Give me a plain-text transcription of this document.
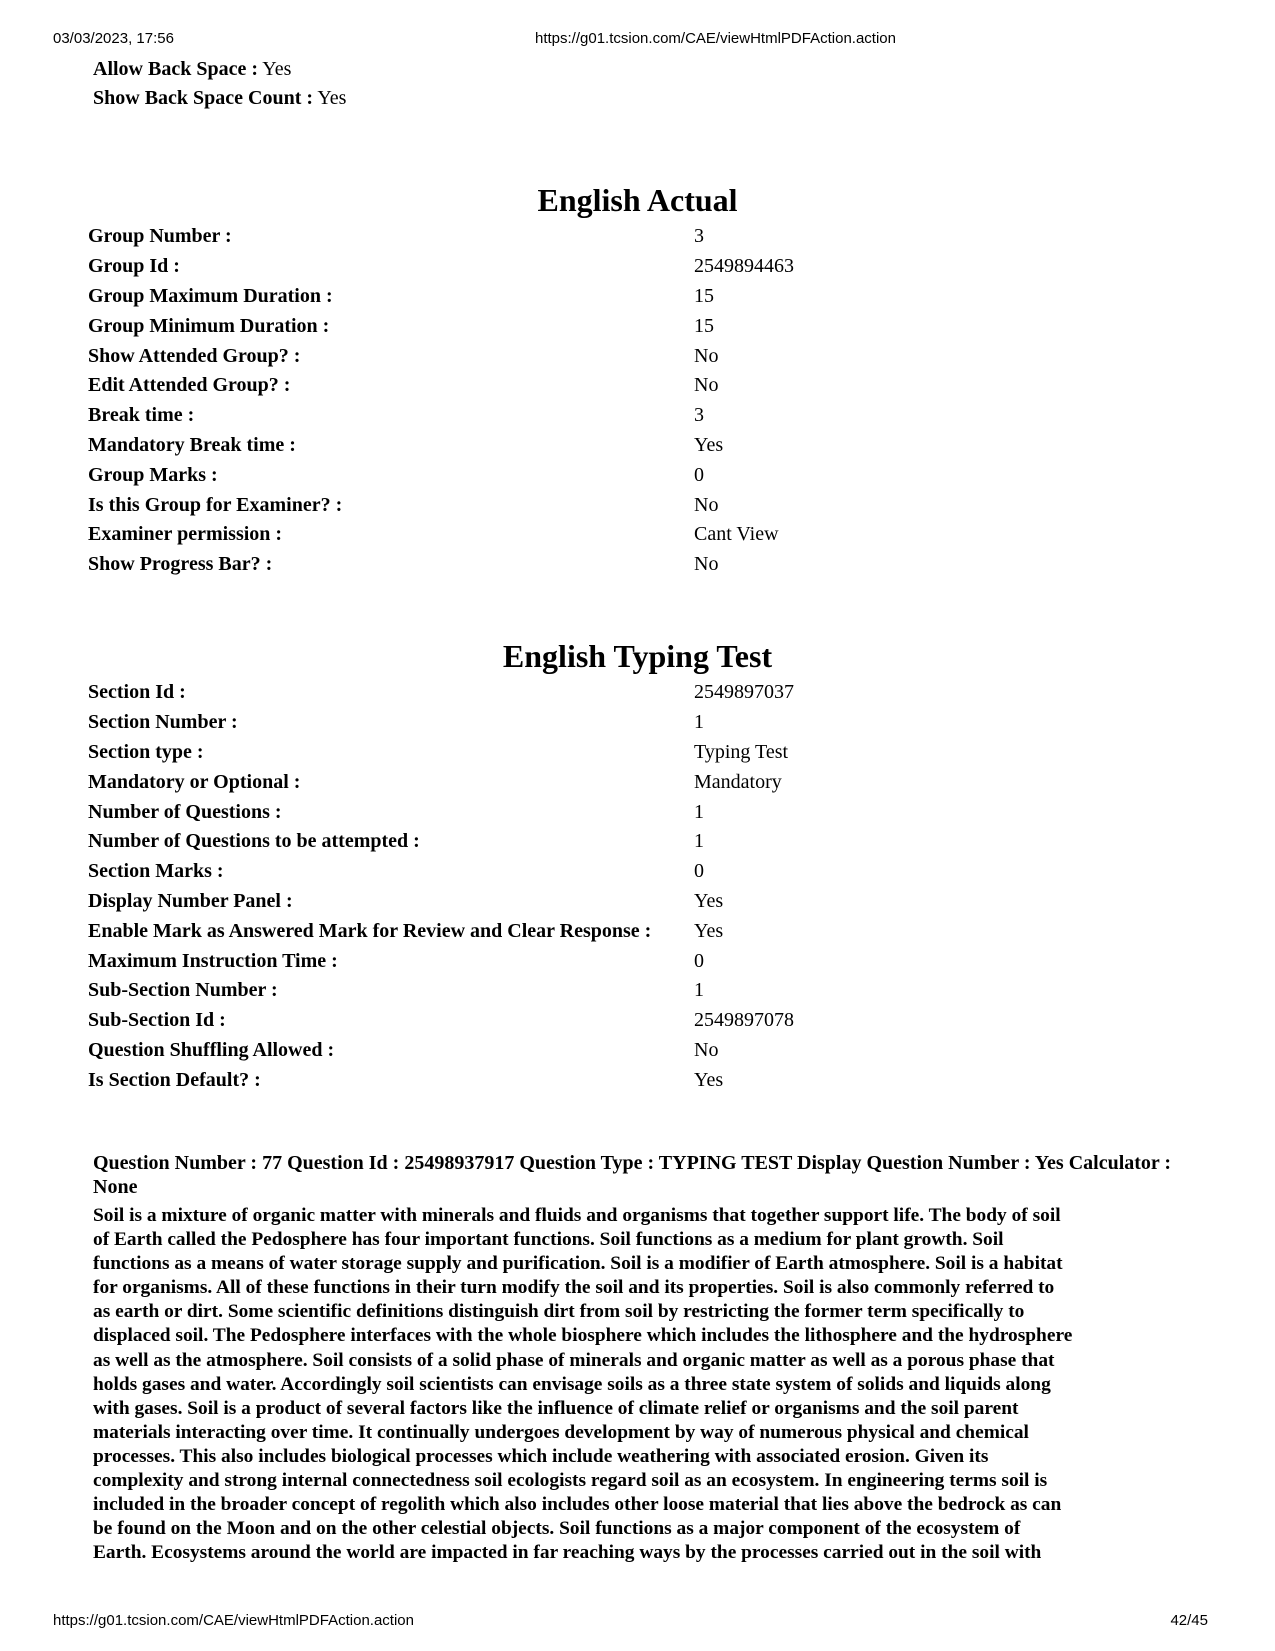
03/03/2023, 17:56	https://g01.tcsion.com/CAE/viewHtmlPDFAction.action
Allow Back Space : Yes
Show Back Space Count : Yes
English Actual
Group Number :	3
Group Id :	2549894463
Group Maximum Duration :	15
Group Minimum Duration :	15
Show Attended Group? :	No
Edit Attended Group? :	No
Break time :	3
Mandatory Break time :	Yes
Group Marks :	0
Is this Group for Examiner? :	No
Examiner permission :	Cant View
Show Progress Bar? :	No
English Typing Test
Section Id :	2549897037
Section Number :	1
Section type :	Typing Test
Mandatory or Optional :	Mandatory
Number of Questions :	1
Number of Questions to be attempted :	1
Section Marks :	0
Display Number Panel :	Yes
Enable Mark as Answered Mark for Review and Clear Response :	Yes
Maximum Instruction Time :	0
Sub-Section Number :	1
Sub-Section Id :	2549897078
Question Shuffling Allowed :	No
Is Section Default? :	Yes
Question Number : 77 Question Id : 25498937917 Question Type : TYPING TEST Display Question Number : Yes Calculator : None
Soil is a mixture of organic matter with minerals and fluids and organisms that together support life. The body of soil
of Earth called the Pedosphere has four important functions. Soil functions as a medium for plant growth. Soil
functions as a means of water storage supply and purification. Soil is a modifier of Earth atmosphere. Soil is a habitat
for organisms. All of these functions in their turn modify the soil and its properties. Soil is also commonly referred to
as earth or dirt. Some scientific definitions distinguish dirt from soil by restricting the former term specifically to
displaced soil. The Pedosphere interfaces with the whole biosphere which includes the lithosphere and the hydrosphere
as well as the atmosphere. Soil consists of a solid phase of minerals and organic matter as well as a porous phase that
holds gases and water. Accordingly soil scientists can envisage soils as a three state system of solids and liquids along
with gases. Soil is a product of several factors like the influence of climate relief or organisms and the soil parent
materials interacting over time. It continually undergoes development by way of numerous physical and chemical
processes. This also includes biological processes which include weathering with associated erosion. Given its
complexity and strong internal connectedness soil ecologists regard soil as an ecosystem. In engineering terms soil is
included in the broader concept of regolith which also includes other loose material that lies above the bedrock as can
be found on the Moon and on the other celestial objects. Soil functions as a major component of the ecosystem of
Earth. Ecosystems around the world are impacted in far reaching ways by the processes carried out in the soil with
https://g01.tcsion.com/CAE/viewHtmlPDFAction.action	42/45
